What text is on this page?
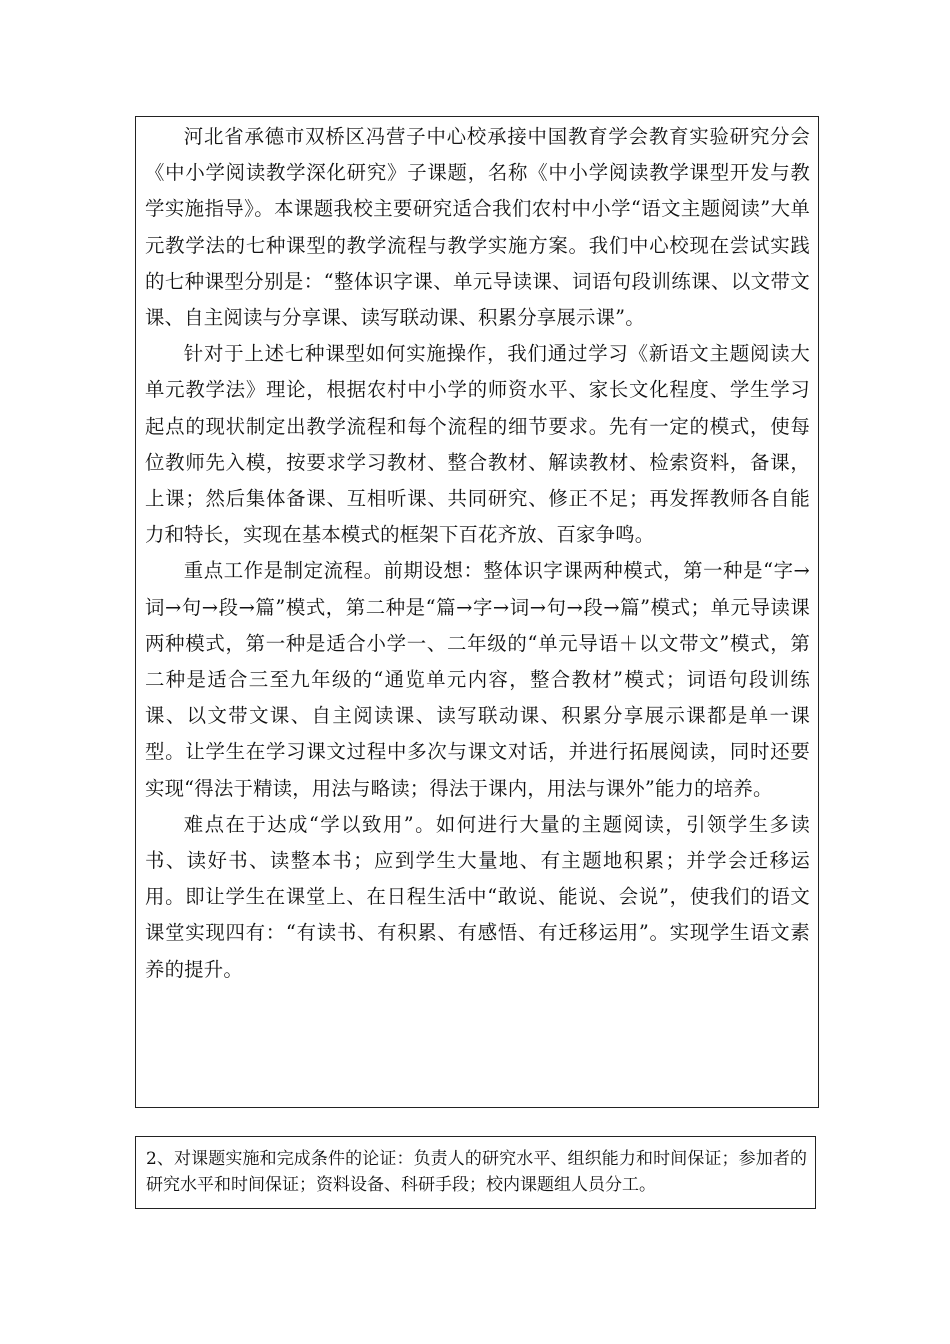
河北省承德市双桥区冯营子中心校承接中国教育学会教育实验研究分会《中小学阅读教学深化研究》子课题，名称《中小学阅读教学课型开发与教学实施指导》。本课题我校主要研究适合我们农村中小学“语文主题阅读”大单元教学法的七种课型的教学流程与教学实施方案。我们中心校现在尝试实践的七种课型分别是：“整体识字课、单元导读课、词语句段训练课、以文带文课、自主阅读与分享课、读写联动课、积累分享展示课”。

针对于上述七种课型如何实施操作，我们通过学习《新语文主题阅读大单元教学法》理论，根据农村中小学的师资水平、家长文化程度、学生学习起点的现状制定出教学流程和每个流程的细节要求。先有一定的模式，使每位教师先入模，按要求学习教材、整合教材、解读教材、检索资料，备课，上课；然后集体备课、互相听课、共同研究、修正不足；再发挥教师各自能力和特长，实现在基本模式的框架下百花齐放、百家争鸣。

重点工作是制定流程。前期设想：整体识字课两种模式，第一种是“字→词→句→段→篇”模式，第二种是“篇→字→词→句→段→篇”模式；单元导读课两种模式，第一种是适合小学一、二年级的“单元导语＋以文带文”模式，第二种是适合三至九年级的“通览单元内容，整合教材”模式；词语句段训练课、以文带文课、自主阅读课、读写联动课、积累分享展示课都是单一课型。让学生在学习课文过程中多次与课文对话，并进行拓展阅读，同时还要实现“得法于精读，用法与略读；得法于课内，用法与课外”能力的培养。

难点在于达成“学以致用”。如何进行大量的主题阅读，引领学生多读书、读好书、读整本书；应到学生大量地、有主题地积累；并学会迁移运用。即让学生在课堂上、在日程生活中“敢说、能说、会说”，使我们的语文课堂实现四有：“有读书、有积累、有感悟、有迁移运用”。实现学生语文素养的提升。

2、对课题实施和完成条件的论证：负责人的研究水平、组织能力和时间保证；参加者的研究水平和时间保证；资料设备、科研手段；校内课题组人员分工。
